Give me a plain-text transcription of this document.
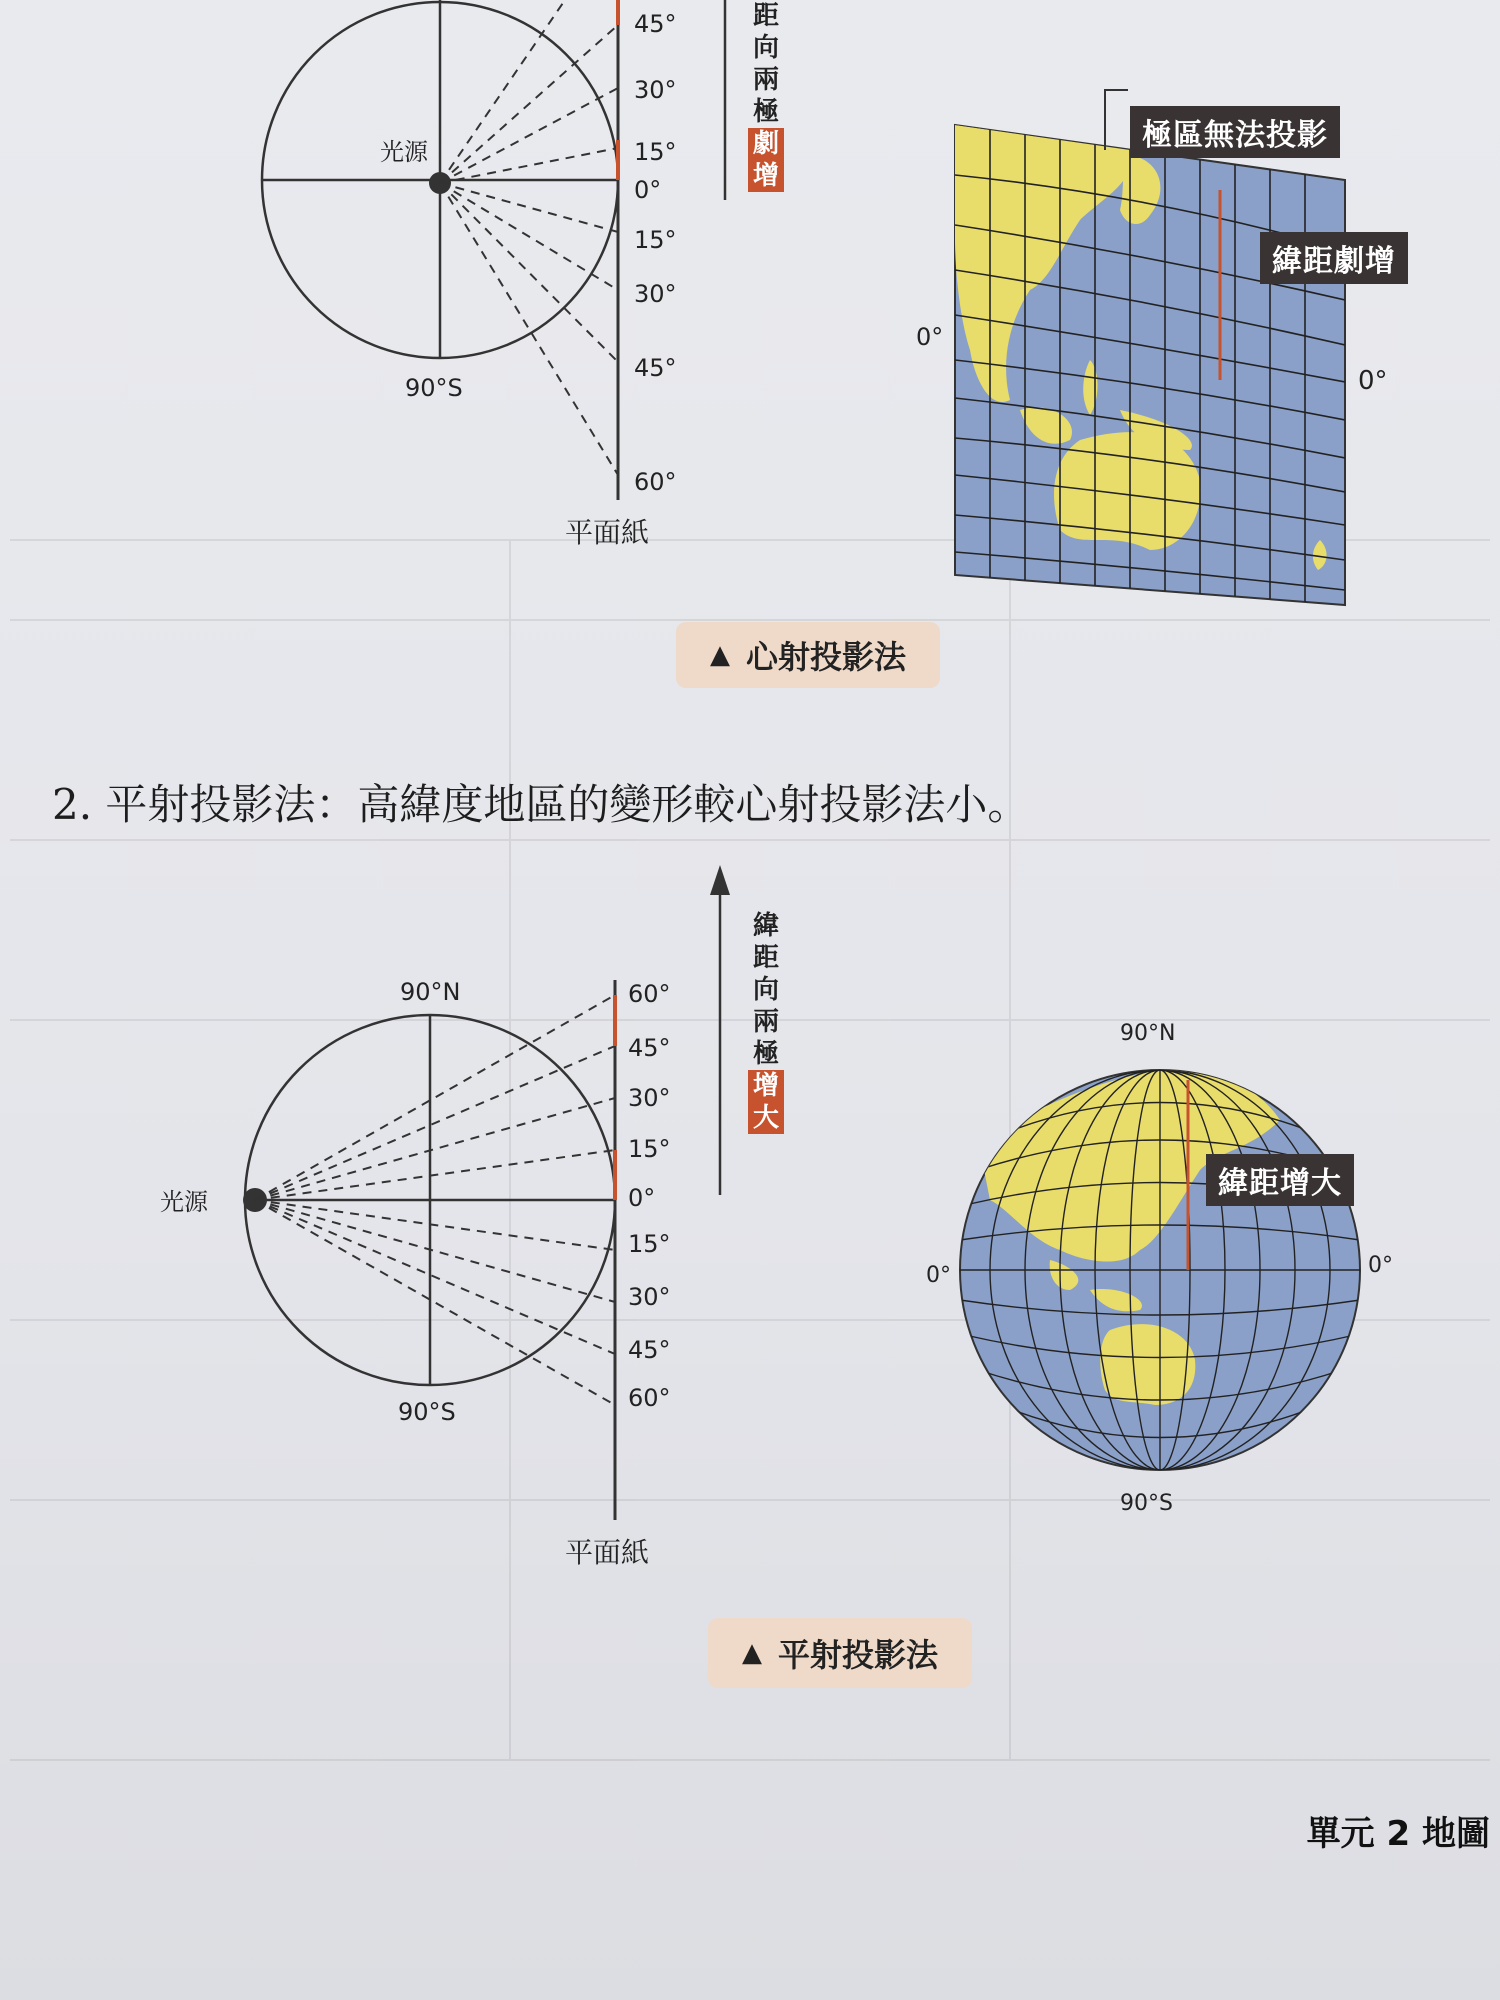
45°
30°
15°
0°
15°
30°
45°
60°
光源
90°S
平面紙
距
向
兩
極
劇
增
0°
極區無法投影
緯距劇增
0°
▲ 心射投影法
2. 平射投影法：高緯度地區的變形較心射投影法小。
90°N	60°
45°
30°
15°
0°
15°
30°
45°
60°
光源
90°S
平面紙
緯
距
向
兩
極
增
大
90°N
90°S
0°	0°
緯距增大
▲ 平射投影法
單元 2 地圖
